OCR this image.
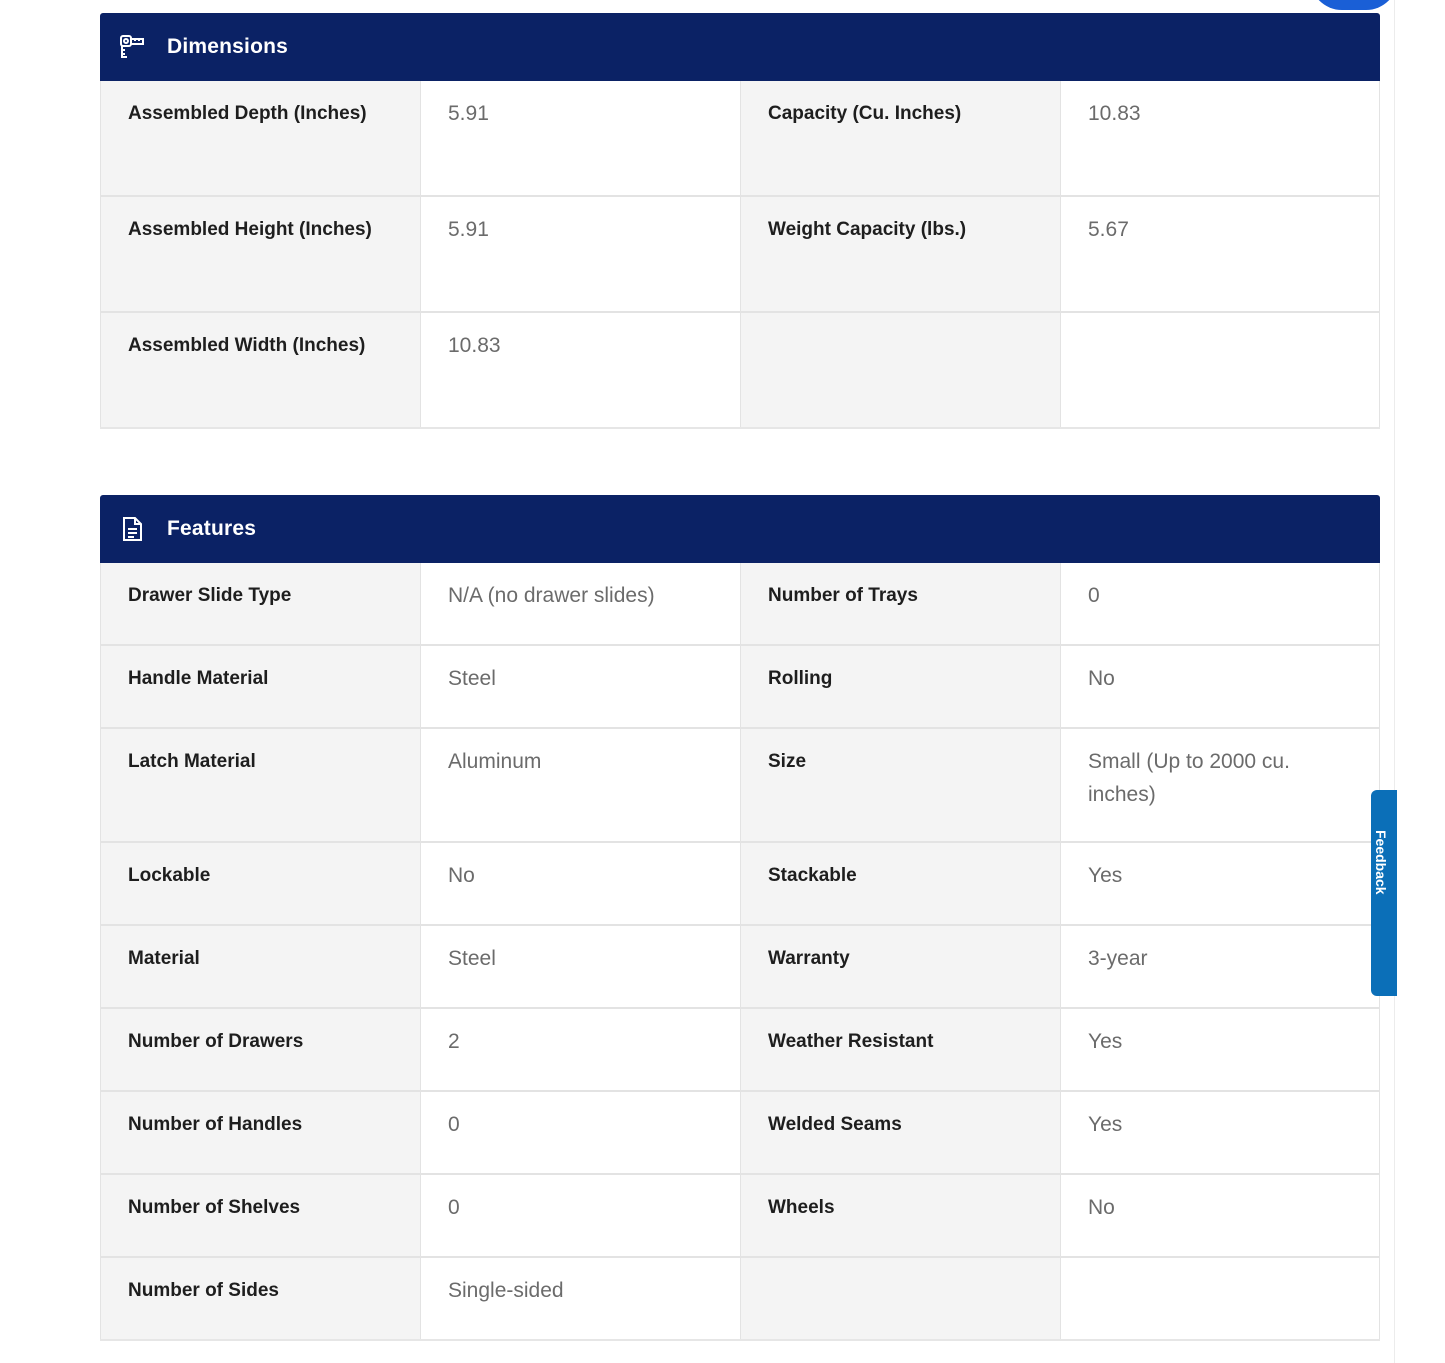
Dimensions
Assembled Depth (Inches)	5.91	Capacity (Cu. Inches)	10.83
Assembled Height (Inches)	5.91	Weight Capacity (lbs.)	5.67
Assembled Width (Inches)	10.83
Features
Drawer Slide Type	N/A (no drawer slides)	Number of Trays	0
Handle Material	Steel	Rolling	No
Latch Material	Aluminum	Size	Small (Up to 2000 cu. inches)
Lockable	No	Stackable	Yes
Material	Steel	Warranty	3-year
Number of Drawers	2	Weather Resistant	Yes
Number of Handles	0	Welded Seams	Yes
Number of Shelves	0	Wheels	No
Number of Sides	Single-sided
Feedback
